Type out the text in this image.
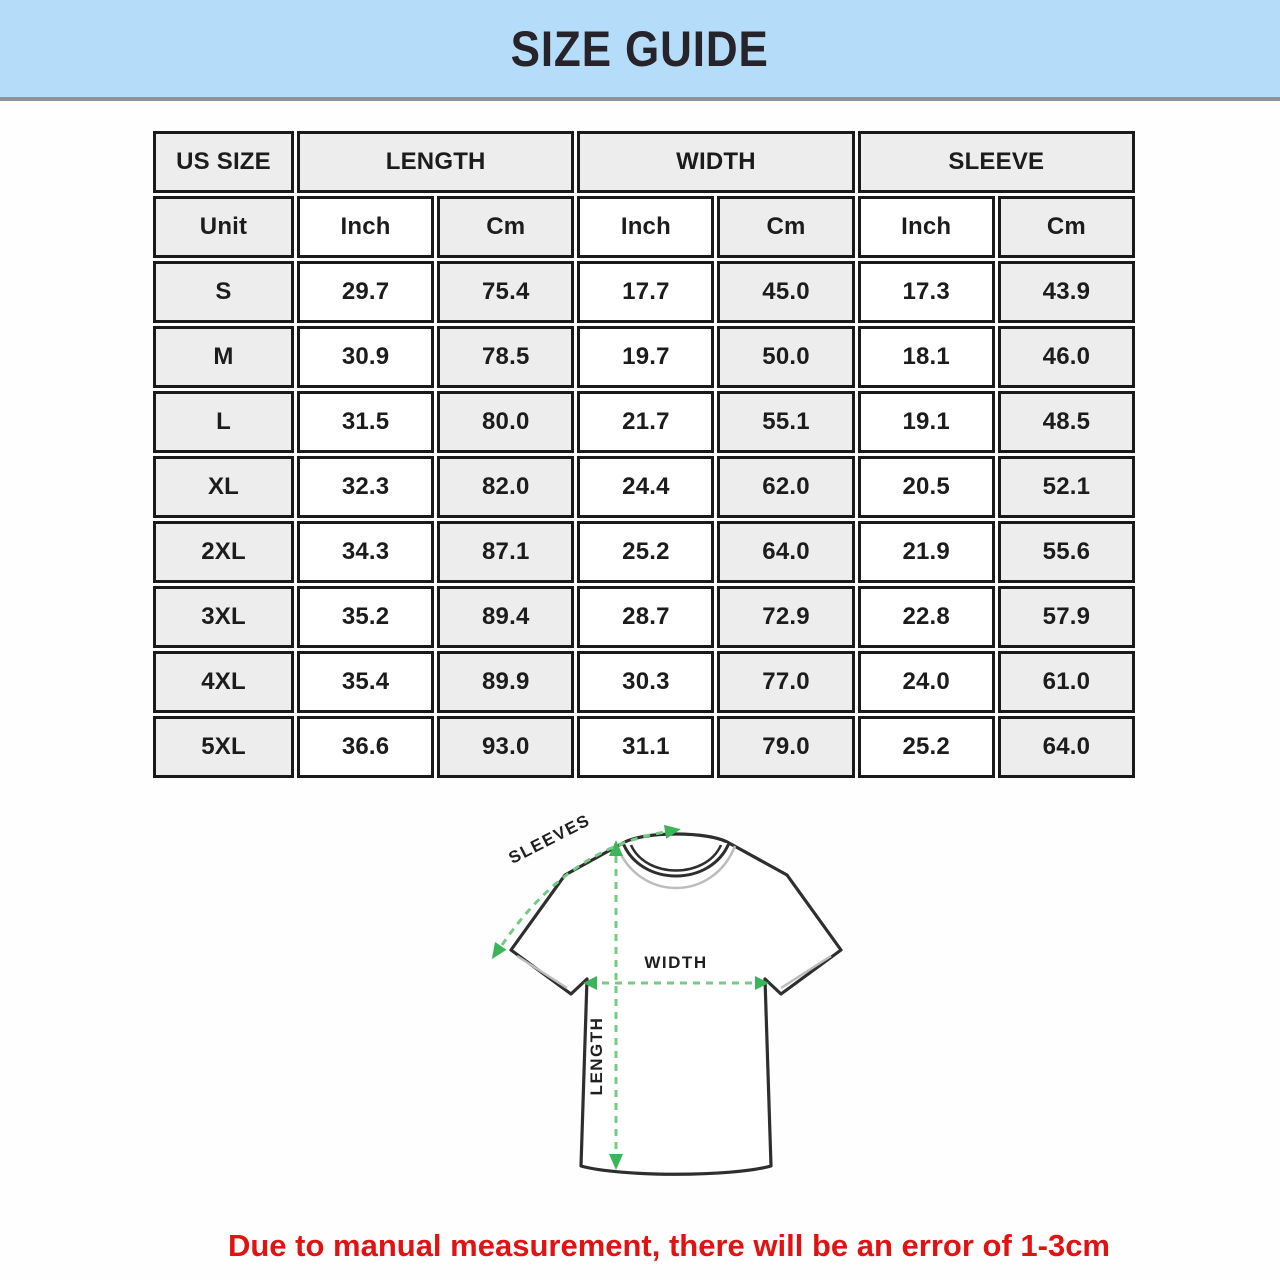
SIZE GUIDE
US SIZE	LENGTH		WIDTH		SLEEVE	
Unit	Inch	Cm	Inch	Cm	Inch	Cm
S	29.7	75.4	17.7	45.0	17.3	43.9
M	30.9	78.5	19.7	50.0	18.1	46.0
L	31.5	80.0	21.7	55.1	19.1	48.5
XL	32.3	82.0	24.4	62.0	20.5	52.1
2XL	34.3	87.1	25.2	64.0	21.9	55.6
3XL	35.2	89.4	28.7	72.9	22.8	57.9
4XL	35.4	89.9	30.3	77.0	24.0	61.0
5XL	36.6	93.0	31.1	79.0	25.2	64.0
LENGTH
WIDTH
SLEEVES

Due to manual measurement, there will be an error of 1-3cm
